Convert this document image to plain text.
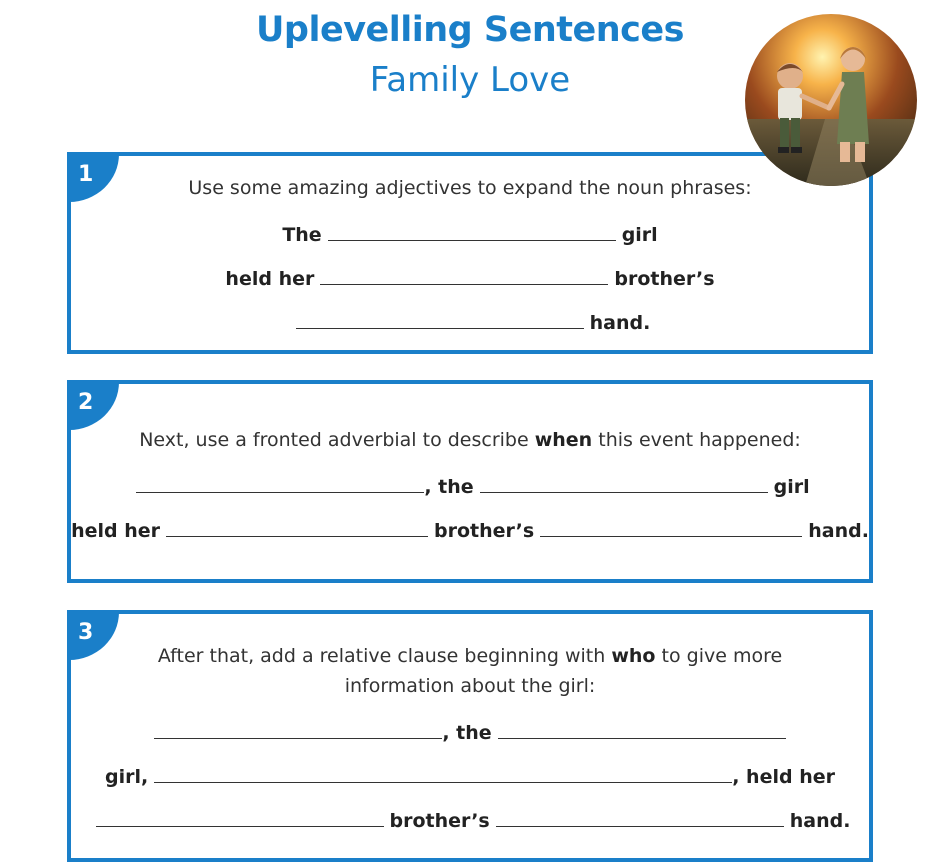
Uplevelling Sentences
Family Love
1
Use some amazing adjectives to expand the noun phrases:
The	girl
held her	brother’s
hand.
2
Next, use a fronted adverbial to describe when this event happened:
, the	girl
held her	brother’s	hand.
3
After that, add a relative clause beginning with who to give more
information about the girl:
, the
girl,	, held her
brother’s	hand.
